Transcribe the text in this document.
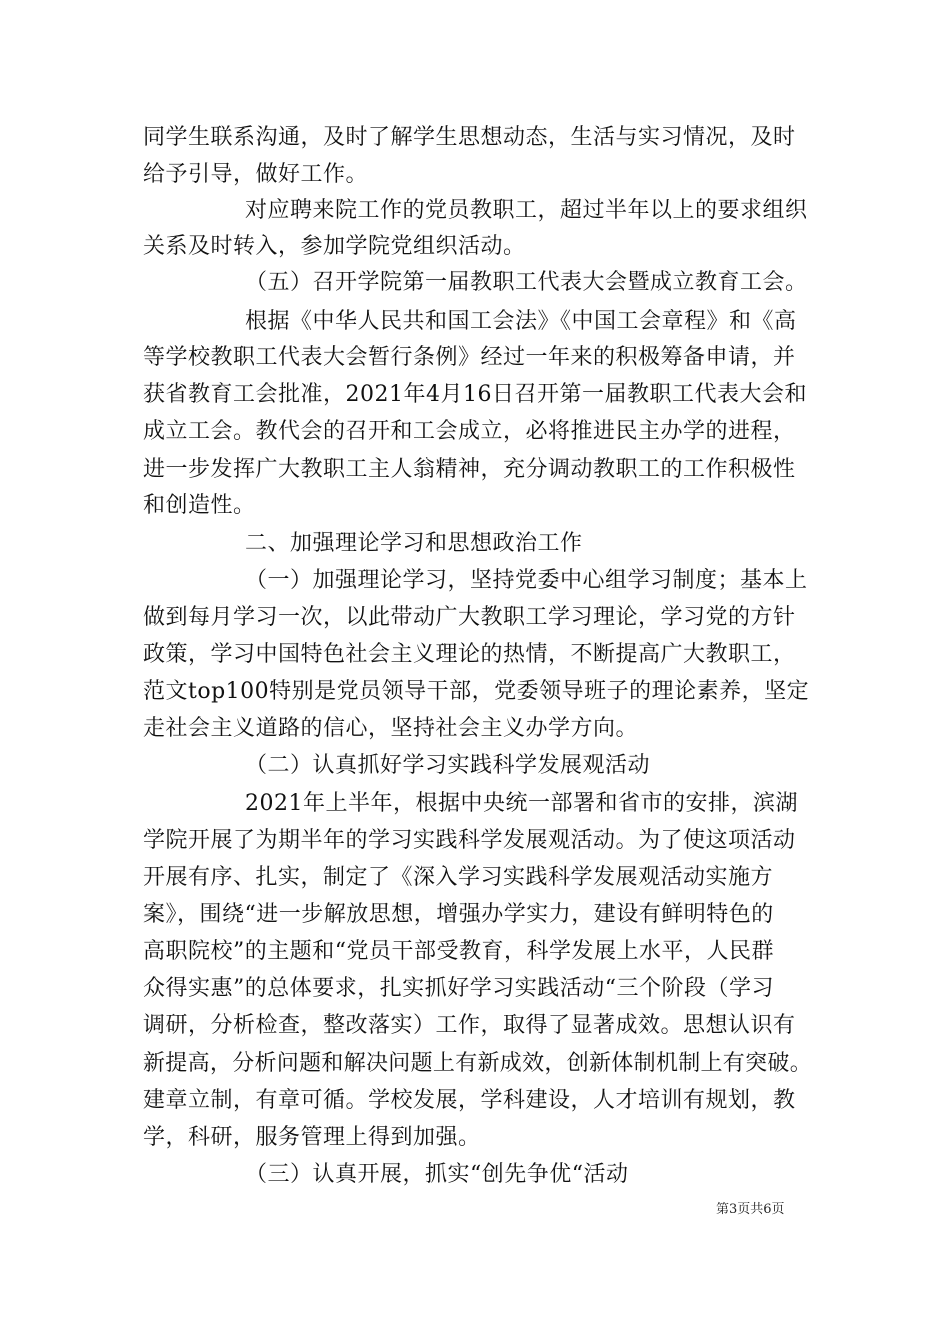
同学生联系沟通，及时了解学生思想动态，生活与实习情况，及时
给予引导，做好工作。
对应聘来院工作的党员教职工，超过半年以上的要求组织
关系及时转入，参加学院党组织活动。
（五）召开学院第一届教职工代表大会暨成立教育工会。
根据《中华人民共和国工会法》《中国工会章程》和《高
等学校教职工代表大会暂行条例》经过一年来的积极筹备申请，并
获省教育工会批准，2021年4月16日召开第一届教职工代表大会和
成立工会。教代会的召开和工会成立，必将推进民主办学的进程，
进一步发挥广大教职工主人翁精神，充分调动教职工的工作积极性
和创造性。
二、加强理论学习和思想政治工作
（一）加强理论学习，坚持党委中心组学习制度；基本上
做到每月学习一次，以此带动广大教职工学习理论，学习党的方针
政策，学习中国特色社会主义理论的热情，不断提高广大教职工，
范文top100特别是党员领导干部，党委领导班子的理论素养，坚定
走社会主义道路的信心，坚持社会主义办学方向。
（二）认真抓好学习实践科学发展观活动
2021年上半年，根据中央统一部署和省市的安排，滨湖
学院开展了为期半年的学习实践科学发展观活动。为了使这项活动
开展有序、扎实，制定了《深入学习实践科学发展观活动实施方
案》，围绕“进一步解放思想，增强办学实力，建设有鲜明特色的
高职院校”的主题和“党员干部受教育，科学发展上水平，人民群
众得实惠”的总体要求，扎实抓好学习实践活动“三个阶段（学习
调研，分析检查，整改落实）工作，取得了显著成效。思想认识有
新提高，分析问题和解决问题上有新成效，创新体制机制上有突破。
建章立制，有章可循。学校发展，学科建设，人才培训有规划，教
学，科研，服务管理上得到加强。
（三）认真开展，抓实“创先争优“活动
第3页共6页
